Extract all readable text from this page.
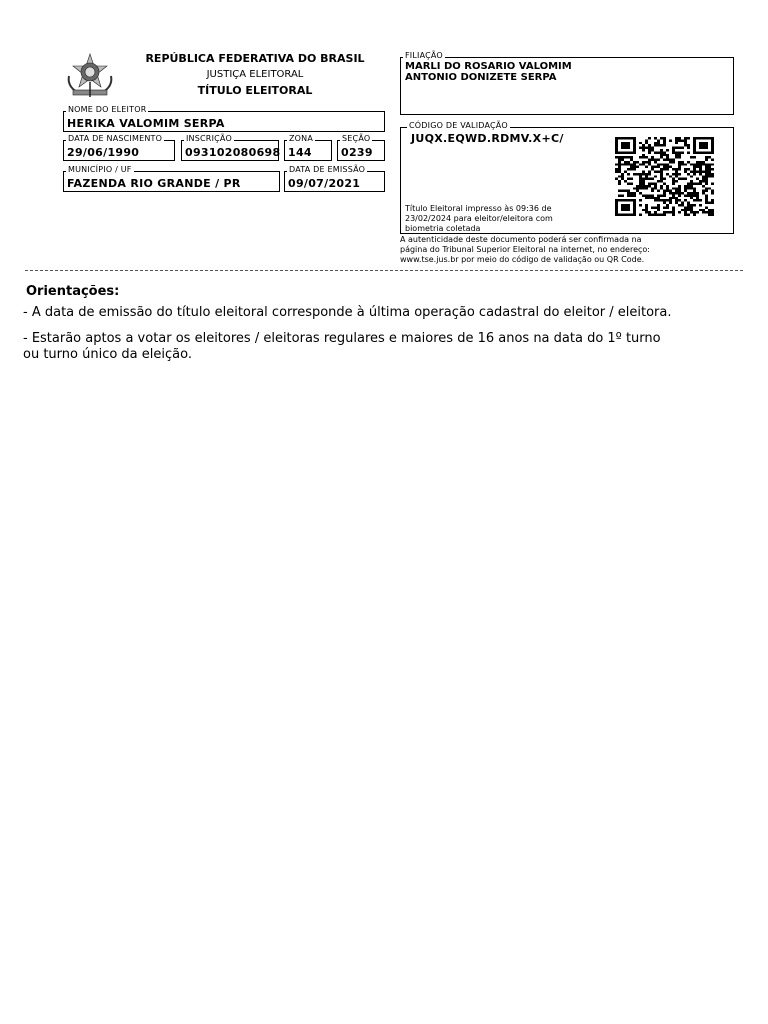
REPÚBLICA FEDERATIVA DO BRASIL
JUSTIÇA ELEITORAL
TÍTULO ELEITORAL
NOME DO ELEITOR
HERIKA VALOMIM SERPA
DATA DE NASCIMENTO
29/06/1990
INSCRIÇÃO
093102080698
ZONA
144
SEÇÃO
0239
MUNICÍPIO / UF
FAZENDA RIO GRANDE / PR
DATA DE EMISSÃO
09/07/2021
FILIAÇÃO
MARLI DO ROSARIO VALOMIM
ANTONIO DONIZETE SERPA
CÓDIGO DE VALIDAÇÃO
JUQX.EQWD.RDMV.X+C/
Título Eleitoral impresso às 09:36 de
23/02/2024 para eleitor/eleitora com
biometria coletada
A autenticidade deste documento poderá ser confirmada na
página do Tribunal Superior Eleitoral na internet, no endereço:
www.tse.jus.br por meio do código de validação ou QR Code.
Orientações:
- A data de emissão do título eleitoral corresponde à última operação cadastral do eleitor / eleitora.
- Estarão aptos a votar os eleitores / eleitoras regulares e maiores de 16 anos na data do 1º turno
ou turno único da eleição.
